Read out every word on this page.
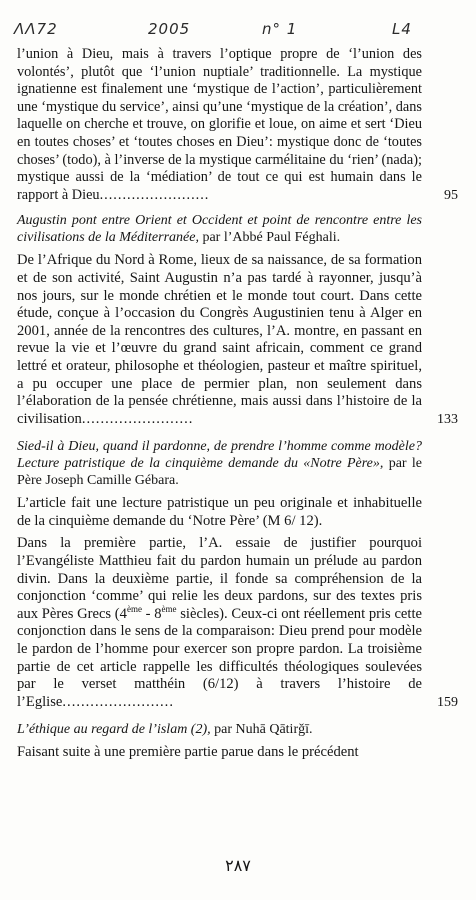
ΛΛ72	2005	n° 1	L4

l’union à Dieu, mais à travers l’optique propre de ‘l’union des volontés’, plutôt que ‘l’union nuptiale’ traditionnelle. La mystique ignatienne est finalement une ‘mystique de l’action’, particulièrement une ‘mystique du service’, ainsi qu’une ‘mystique de la création’, dans laquelle on cherche et trouve, on glorifie et loue, on aime et sert ‘Dieu en toutes choses’ et ‘toutes choses en Dieu’: mystique donc de ‘toutes choses’ (todo), à l’inverse de la mystique carmélitaine du ‘rien’ (nada); mystique aussi de la ‘médiation’ de tout ce qui est humain dans le rapport à Dieu........................	95
Augustin pont entre Orient et Occident et point de rencontre entre les civilisations de la Méditerranée, par l’Abbé Paul Féghali.

De l’Afrique du Nord à Rome, lieux de sa naissance, de sa formation et de son activité, Saint Augustin n’a pas tardé à rayonner, jusqu’à nos jours, sur le monde chrétien et le monde tout court. Dans cette étude, conçue à l’occasion du Congrès Augustinien tenu à Alger en 2001, année de la rencontres des cultures, l’A. montre, en passant en revue la vie et l’œuvre du grand saint africain, comment ce grand lettré et orateur, philosophe et théologien, pasteur et maître spirituel, a pu occuper une place de permier plan, non seulement dans l’élaboration de la pensée chrétienne, mais aussi dans l’histoire de la civilisation........................	133
Sied-il à Dieu, quand il pardonne, de prendre l’homme comme modèle? Lecture patristique de la cinquième demande du «Notre Père», par le Père Joseph Camille Gébara.

L’article fait une lecture patristique un peu originale et inhabituelle de la cinquième demande du ‘Notre Père’ (M 6/ 12).

Dans la première partie, l’A. essaie de justifier pourquoi l’Evangéliste Matthieu fait du pardon humain un prélude au pardon divin. Dans la deuxième partie, il fonde sa compréhension de la conjonction ‘comme’ qui relie les deux pardons, sur des textes pris aux Pères Grecs (4ème - 8ème siècles). Ceux-ci ont réellement pris cette conjonction dans le sens de la comparaison: Dieu prend pour modèle le pardon de l’homme pour exercer son propre pardon. La troisième partie de cet article rappelle les difficultés théologiques soulevées par le verset matthéin (6/12) à travers l’histoire de l’Eglise........................	159
L’éthique au regard de l’islam (2), par Nuhā Qātirǧī.

Faisant suite à une première partie parue dans le précédent

٢٨٧
